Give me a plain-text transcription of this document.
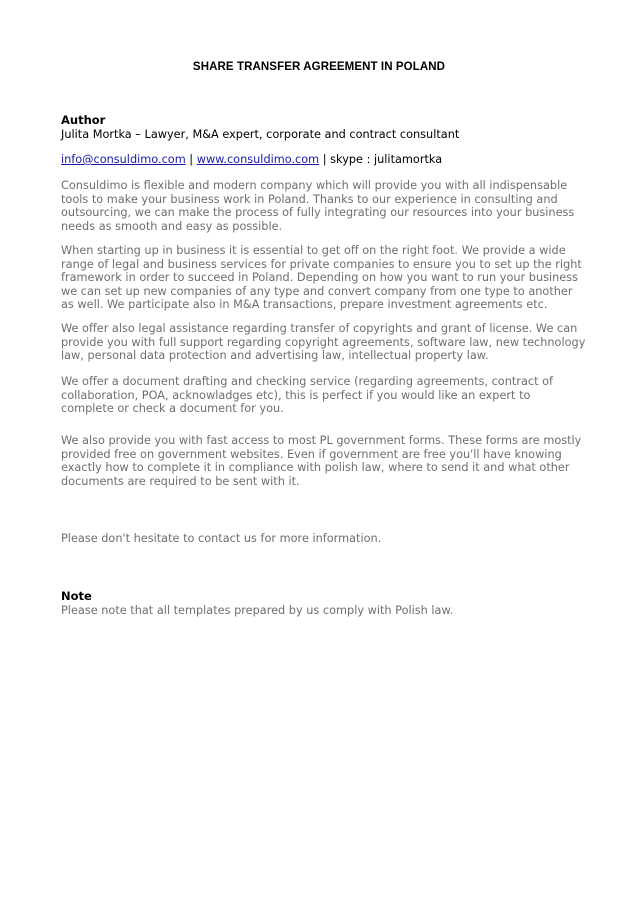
SHARE TRANSFER AGREEMENT IN POLAND
Author
Julita Mortka – Lawyer, M&A expert, corporate and contract consultant
info@consuldimo.com | www.consuldimo.com | skype : julitamortka

Consuldimo is flexible and modern company which will provide you with all indispensable tools to make your business work in Poland. Thanks to our experience in consulting and outsourcing, we can make the process of fully integrating our resources into your business needs as smooth and easy as possible.

When starting up in business it is essential to get off on the right foot. We provide a wide range of legal and business services for private companies to ensure you to set up the right framework in order to succeed in Poland. Depending on how you want to run your business we can set up new companies of any type and convert company from one type to another as well. We participate also in M&A transactions, prepare investment agreements etc.

We offer also legal assistance regarding transfer of copyrights and grant of license. We can provide you with full support regarding copyright agreements, software law, new technology law, personal data protection and advertising law, intellectual property law.

We offer a document drafting and checking service (regarding agreements, contract of collaboration, POA, acknowladges etc), this is perfect if you would like an expert to complete or check a document for you.

We also provide you with fast access to most PL government forms. These forms are mostly provided free on government websites. Even if government are free you'll have knowing exactly how to complete it in compliance with polish law, where to send it and what other documents are required to be sent with it.

Please don't hesitate to contact us for more information.

Note
Please note that all templates prepared by us comply with Polish law.
